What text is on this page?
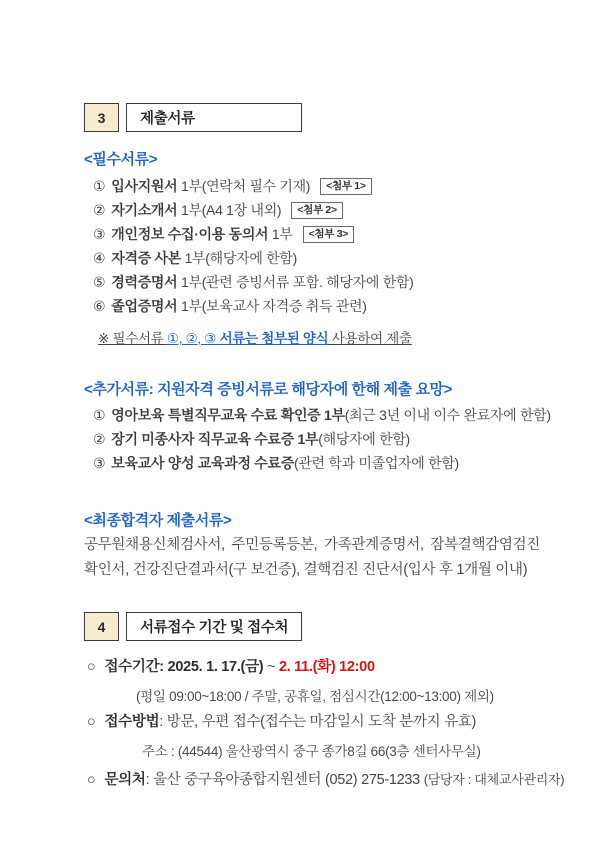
3	제출서류
<필수서류>
① 입사지원서 1부(연락처 필수 기재) <첨부 1>
② 자기소개서 1부(A4 1장 내외) <첨부 2>
③ 개인정보 수집·이용 동의서 1부 <첨부 3>
④ 자격증 사본 1부(해당자에 한함)
⑤ 경력증명서 1부(관련 증빙서류 포함. 해당자에 한함)
⑥ 졸업증명서 1부(보육교사 자격증 취득 관련)
※ 필수서류 ①, ②, ③ 서류는 첨부된 양식 사용하여 제출
<추가서류: 지원자격 증빙서류로 해당자에 한해 제출 요망>
① 영아보육 특별직무교육 수료 확인증 1부(최근 3년 이내 이수 완료자에 한함)
② 장기 미종사자 직무교육 수료증 1부(해당자에 한함)
③ 보육교사 양성 교육과정 수료증(관련 학과 미졸업자에 한함)
<최종합격자 제출서류>
공무원채용신체검사서, 주민등록등본, 가족관계증명서, 잠복결핵감염검진
확인서, 건강진단결과서(구 보건증), 결핵검진 진단서(입사 후 1개월 이내)
4	서류접수 기간 및 접수처
○ 접수기간: 2025. 1. 17.(금) ~ 2. 11.(화) 12:00
(평일 09:00~18:00 / 주말, 공휴일, 점심시간(12:00~13:00) 제외)
○ 접수방법: 방문, 우편 접수(접수는 마감일시 도착 분까지 유효)
주소 : (44544) 울산광역시 중구 종가8길 66(3층 센터사무실)
○ 문의처: 울산 중구육아종합지원센터 (052) 275-1233 (담당자 : 대체교사관리자)
